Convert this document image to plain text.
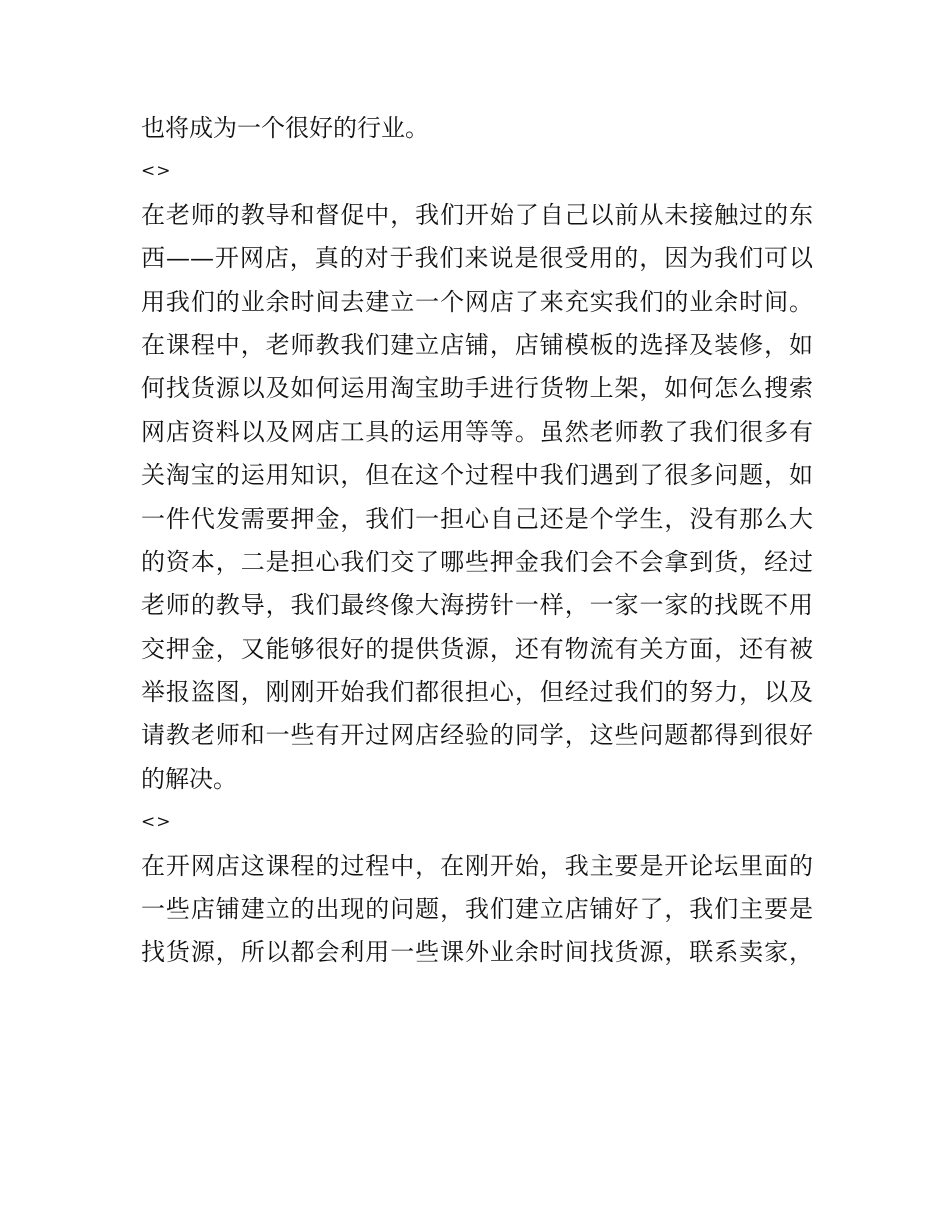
也将成为一个很好的行业。
<>
在老师的教导和督促中，我们开始了自己以前从未接触过的东
西——开网店，真的对于我们来说是很受用的，因为我们可以
用我们的业余时间去建立一个网店了来充实我们的业余时间。
在课程中，老师教我们建立店铺，店铺模板的选择及装修，如
何找货源以及如何运用淘宝助手进行货物上架，如何怎么搜索
网店资料以及网店工具的运用等等。虽然老师教了我们很多有
关淘宝的运用知识，但在这个过程中我们遇到了很多问题，如
一件代发需要押金，我们一担心自己还是个学生，没有那么大
的资本，二是担心我们交了哪些押金我们会不会拿到货，经过
老师的教导，我们最终像大海捞针一样，一家一家的找既不用
交押金，又能够很好的提供货源，还有物流有关方面，还有被
举报盗图，刚刚开始我们都很担心，但经过我们的努力，以及
请教老师和一些有开过网店经验的同学，这些问题都得到很好
的解决。
<>
在开网店这课程的过程中，在刚开始，我主要是开论坛里面的
一些店铺建立的出现的问题，我们建立店铺好了，我们主要是
找货源，所以都会利用一些课外业余时间找货源，联系卖家，
